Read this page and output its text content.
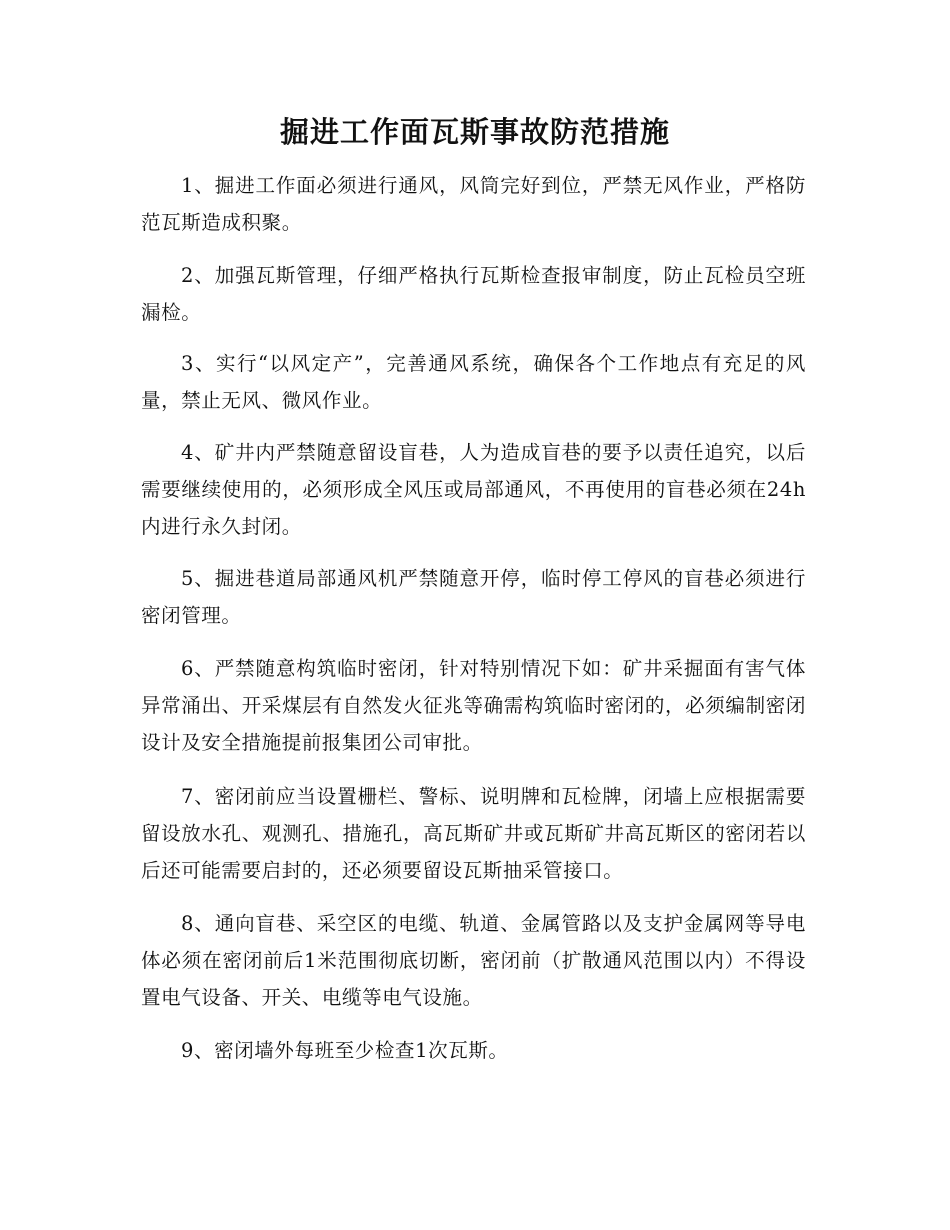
掘进工作面瓦斯事故防范措施

1、掘进工作面必须进行通风，风筒完好到位，严禁无风作业，严格防范瓦斯造成积聚。

2、加强瓦斯管理，仔细严格执行瓦斯检查报审制度，防止瓦检员空班漏检。

3、实行“以风定产”，完善通风系统，确保各个工作地点有充足的风量，禁止无风、微风作业。

4、矿井内严禁随意留设盲巷，人为造成盲巷的要予以责任追究，以后需要继续使用的，必须形成全风压或局部通风，不再使用的盲巷必须在24h内进行永久封闭。

5、掘进巷道局部通风机严禁随意开停，临时停工停风的盲巷必须进行密闭管理。

6、严禁随意构筑临时密闭，针对特别情况下如：矿井采掘面有害气体异常涌出、开采煤层有自然发火征兆等确需构筑临时密闭的，必须编制密闭设计及安全措施提前报集团公司审批。

7、密闭前应当设置栅栏、警标、说明牌和瓦检牌，闭墙上应根据需要留设放水孔、观测孔、措施孔，高瓦斯矿井或瓦斯矿井高瓦斯区的密闭若以后还可能需要启封的，还必须要留设瓦斯抽采管接口。

8、通向盲巷、采空区的电缆、轨道、金属管路以及支护金属网等导电体必须在密闭前后1米范围彻底切断，密闭前（扩散通风范围以内）不得设置电气设备、开关、电缆等电气设施。

9、密闭墙外每班至少检查1次瓦斯。
